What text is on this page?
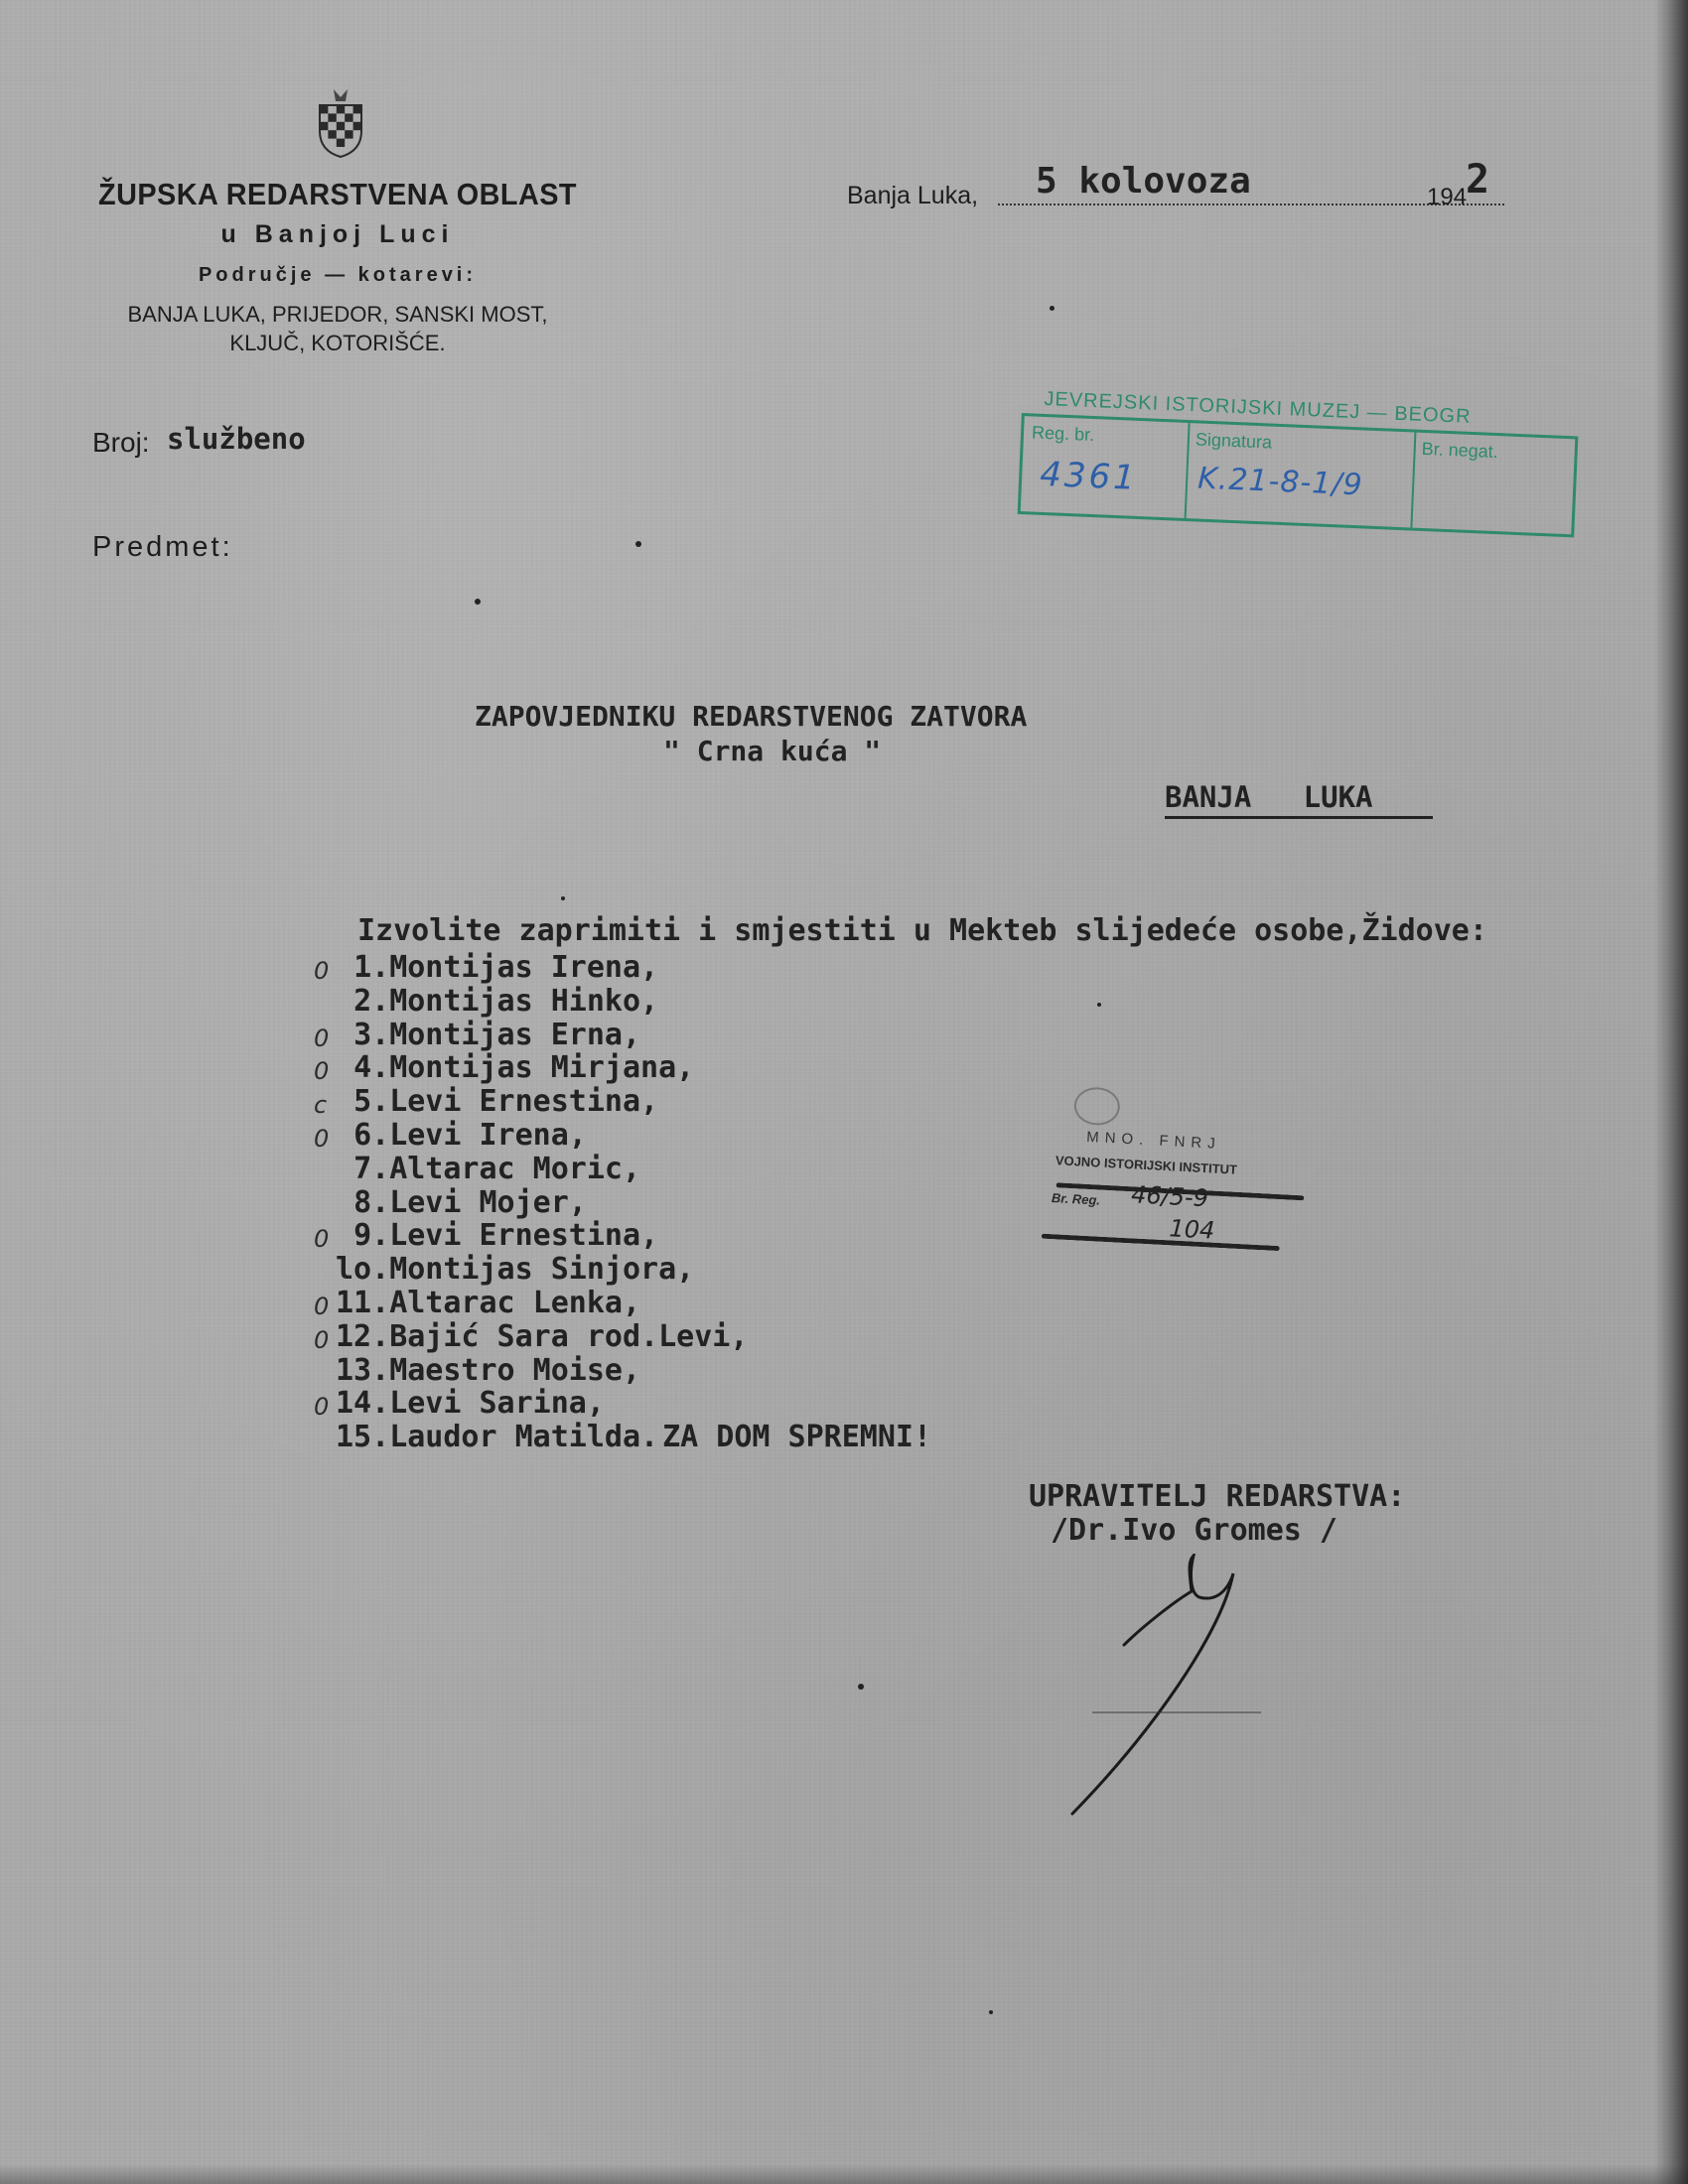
ŽUPSKA REDARSTVENA OBLAST
u Banjoj Luci
Područje — kotarevi:
BANJA LUKA, PRIJEDOR, SANSKI MOST,
KLJUČ, KOTORIŠĆE.
Banja Luka, 5 kolovoza	194
2
Broj: službeno
Predmet:
JEVREJSKI ISTORIJSKI MUZEJ — BEOGR
Reg. br.
4361
Signatura
K.21-8-1/9
Br. negat.
ZAPOVJEDNIKU REDARSTVENOG ZATVORA
" Crna kuća "
BANJA   LUKA
Izvolite zaprimiti i smjestiti u Mekteb slijedeće osobe,Židove:
0 1.Montijas Irena,
2.Montijas Hinko,
0 3.Montijas Erna,
0 4.Montijas Mirjana,
c 5.Levi Ernestina,
0 6.Levi Irena,
7.Altarac Moric,
8.Levi Mojer,
0 9.Levi Ernestina,
lo.Montijas Sinjora,
0 11.Altarac Lenka,
0 12.Bajić Sara rod.Levi,
13.Maestro Moise,
0 14.Levi Sarina,
15.Laudor Matilda. ZA DOM SPREMNI!
MNO. FNRJ
VOJNO ISTORIJSKI INSTITUT
Br. Reg. 46/5-9
104
UPRAVITELJ REDARSTVA:
/Dr.Ivo Gromes /
